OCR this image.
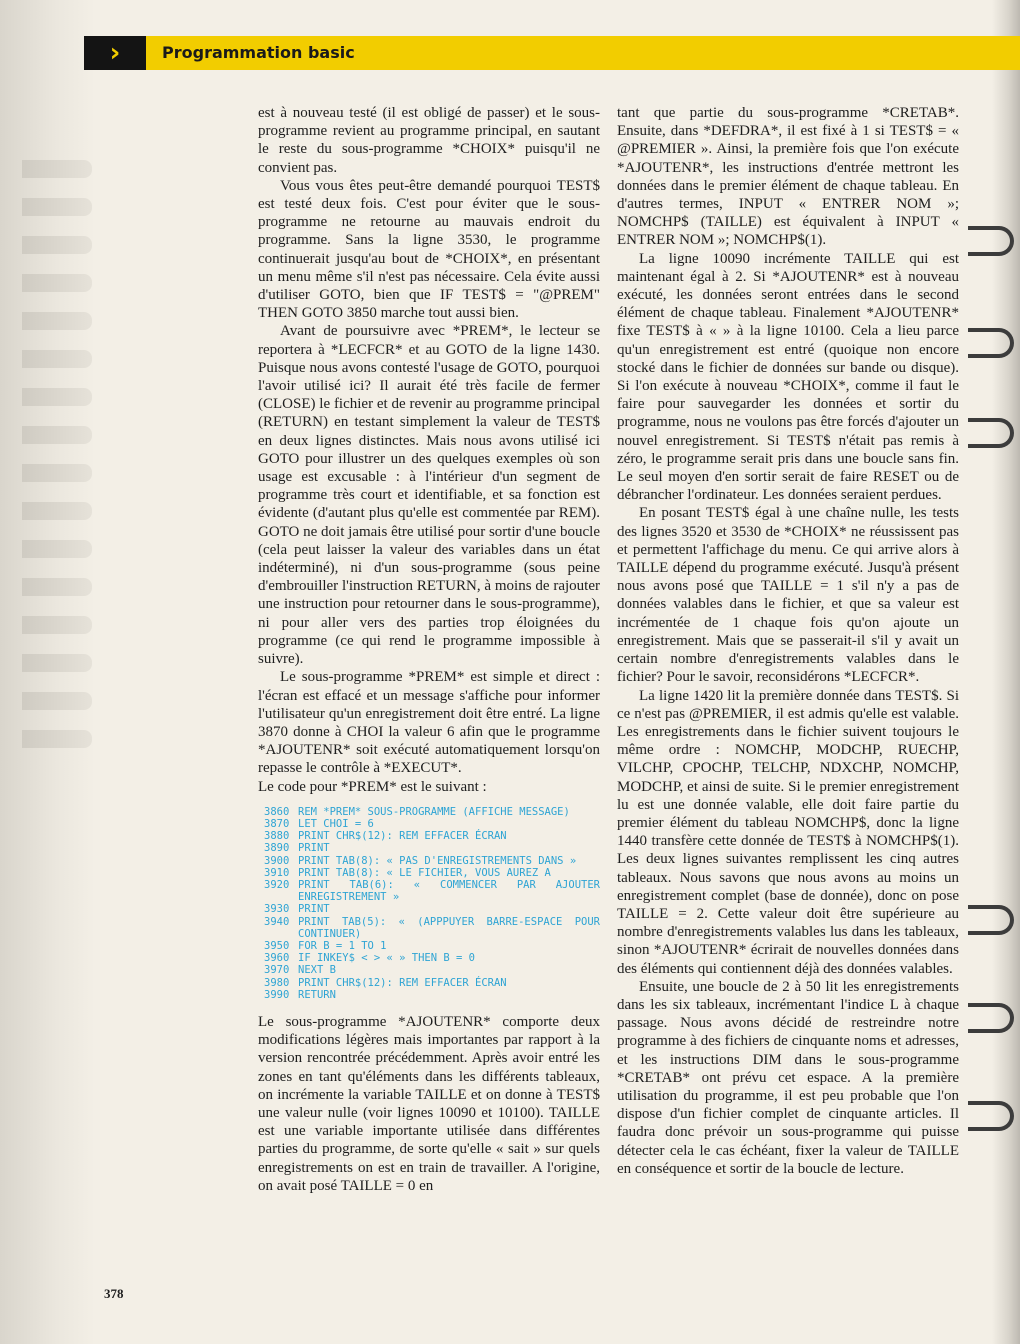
›	Programmation basic

est à nouveau testé (il est obligé de passer) et le sous-programme revient au programme principal, en sautant le reste du sous-programme *CHOIX* puisqu'il ne convient pas.

Vous vous êtes peut-être demandé pourquoi TEST$ est testé deux fois. C'est pour éviter que le sous-programme ne retourne au mauvais endroit du programme. Sans la ligne 3530, le programme continuerait jusqu'au bout de *CHOIX*, en présentant un menu même s'il n'est pas nécessaire. Cela évite aussi d'utiliser GOTO, bien que IF TEST$ = "@PREM" THEN GOTO 3850 marche tout aussi bien.

Avant de poursuivre avec *PREM*, le lecteur se reportera à *LECFCR* et au GOTO de la ligne 1430. Puisque nous avons contesté l'usage de GOTO, pourquoi l'avoir utilisé ici? Il aurait été très facile de fermer (CLOSE) le fichier et de revenir au programme principal (RETURN) en testant simplement la valeur de TEST$ en deux lignes distinctes. Mais nous avons utilisé ici GOTO pour illustrer un des quelques exemples où son usage est excusable : à l'intérieur d'un segment de programme très court et identifiable, et sa fonction est évidente (d'autant plus qu'elle est commentée par REM). GOTO ne doit jamais être utilisé pour sortir d'une boucle (cela peut laisser la valeur des variables dans un état indéterminé), ni d'un sous-programme (sous peine d'embrouiller l'instruction RETURN, à moins de rajouter une instruction pour retourner dans le sous-programme), ni pour aller vers des parties trop éloignées du programme (ce qui rend le programme impossible à suivre).

Le sous-programme *PREM* est simple et direct : l'écran est effacé et un message s'affiche pour informer l'utilisateur qu'un enregistrement doit être entré. La ligne 3870 donne à CHOI la valeur 6 afin que le programme *AJOUTENR* soit exécuté automatiquement lorsqu'on repasse le contrôle à *EXECUT*.

Le code pour *PREM* est le suivant :

3860 REM *PREM* SOUS-PROGRAMME (AFFICHE MESSAGE)
3870 LET CHOI = 6
3880 PRINT CHR$(12): REM EFFACER ÉCRAN
3890 PRINT
3900 PRINT TAB(8): « PAS D'ENREGISTREMENTS DANS »
3910 PRINT TAB(8): « LE FICHIER, VOUS AUREZ A
3920 PRINT TAB(6): « COMMENCER PAR AJOUTER ENREGISTREMENT »
3930 PRINT
3940 PRINT TAB(5): « (APPPUYER BARRE-ESPACE POUR CONTINUER)
3950 FOR B = 1 TO 1
3960 IF INKEY$ < > « » THEN B = 0
3970 NEXT B
3980 PRINT CHR$(12): REM EFFACER ÉCRAN
3990 RETURN

Le sous-programme *AJOUTENR* comporte deux modifications légères mais importantes par rapport à la version rencontrée précédemment. Après avoir entré les zones en tant qu'éléments dans les différents tableaux, on incrémente la variable TAILLE et on donne à TEST$ une valeur nulle (voir lignes 10090 et 10100). TAILLE est une variable importante utilisée dans différentes parties du programme, de sorte qu'elle « sait » sur quels enregistrements on est en train de travailler. A l'origine, on avait posé TAILLE = 0 en

tant que partie du sous-programme *CRETAB*. Ensuite, dans *DEFDRA*, il est fixé à 1 si TEST$ = « @PREMIER ». Ainsi, la première fois que l'on exécute *AJOUTENR*, les instructions d'entrée mettront les données dans le premier élément de chaque tableau. En d'autres termes, INPUT « ENTRER NOM »; NOMCHP$ (TAILLE) est équivalent à INPUT « ENTRER NOM »; NOMCHP$(1).

La ligne 10090 incrémente TAILLE qui est maintenant égal à 2. Si *AJOUTENR* est à nouveau exécuté, les données seront entrées dans le second élément de chaque tableau. Finalement *AJOUTENR* fixe TEST$ à « » à la ligne 10100. Cela a lieu parce qu'un enregistrement est entré (quoique non encore stocké dans le fichier de données sur bande ou disque). Si l'on exécute à nouveau *CHOIX*, comme il faut le faire pour sauvegarder les données et sortir du programme, nous ne voulons pas être forcés d'ajouter un nouvel enregistrement. Si TEST$ n'était pas remis à zéro, le programme serait pris dans une boucle sans fin. Le seul moyen d'en sortir serait de faire RESET ou de débrancher l'ordinateur. Les données seraient perdues.

En posant TEST$ égal à une chaîne nulle, les tests des lignes 3520 et 3530 de *CHOIX* ne réussissent pas et permettent l'affichage du menu. Ce qui arrive alors à TAILLE dépend du programme exécuté. Jusqu'à présent nous avons posé que TAILLE = 1 s'il n'y a pas de données valables dans le fichier, et que sa valeur est incrémentée de 1 chaque fois qu'on ajoute un enregistrement. Mais que se passerait-il s'il y avait un certain nombre d'enregistrements valables dans le fichier? Pour le savoir, reconsidérons *LECFCR*.

La ligne 1420 lit la première donnée dans TEST$. Si ce n'est pas @PREMIER, il est admis qu'elle est valable. Les enregistrements dans le fichier suivent toujours le même ordre : NOMCHP, MODCHP, RUECHP, VILCHP, CPOCHP, TELCHP, NDXCHP, NOMCHP, MODCHP, et ainsi de suite. Si le premier enregistrement lu est une donnée valable, elle doit faire partie du premier élément du tableau NOMCHP$, donc la ligne 1440 transfère cette donnée de TEST$ à NOMCHP$(1). Les deux lignes suivantes remplissent les cinq autres tableaux. Nous savons que nous avons au moins un enregistrement complet (base de donnée), donc on pose TAILLE = 2. Cette valeur doit être supérieure au nombre d'enregistrements valables lus dans les tableaux, sinon *AJOUTENR* écrirait de nouvelles données dans des éléments qui contiennent déjà des données valables.

Ensuite, une boucle de 2 à 50 lit les enregistrements dans les six tableaux, incrémentant l'indice L à chaque passage. Nous avons décidé de restreindre notre programme à des fichiers de cinquante noms et adresses, et les instructions DIM dans le sous-programme *CRETAB* ont prévu cet espace. A la première utilisation du programme, il est peu probable que l'on dispose d'un fichier complet de cinquante articles. Il faudra donc prévoir un sous-programme qui puisse détecter cela le cas échéant, fixer la valeur de TAILLE en conséquence et sortir de la boucle de lecture.

378
